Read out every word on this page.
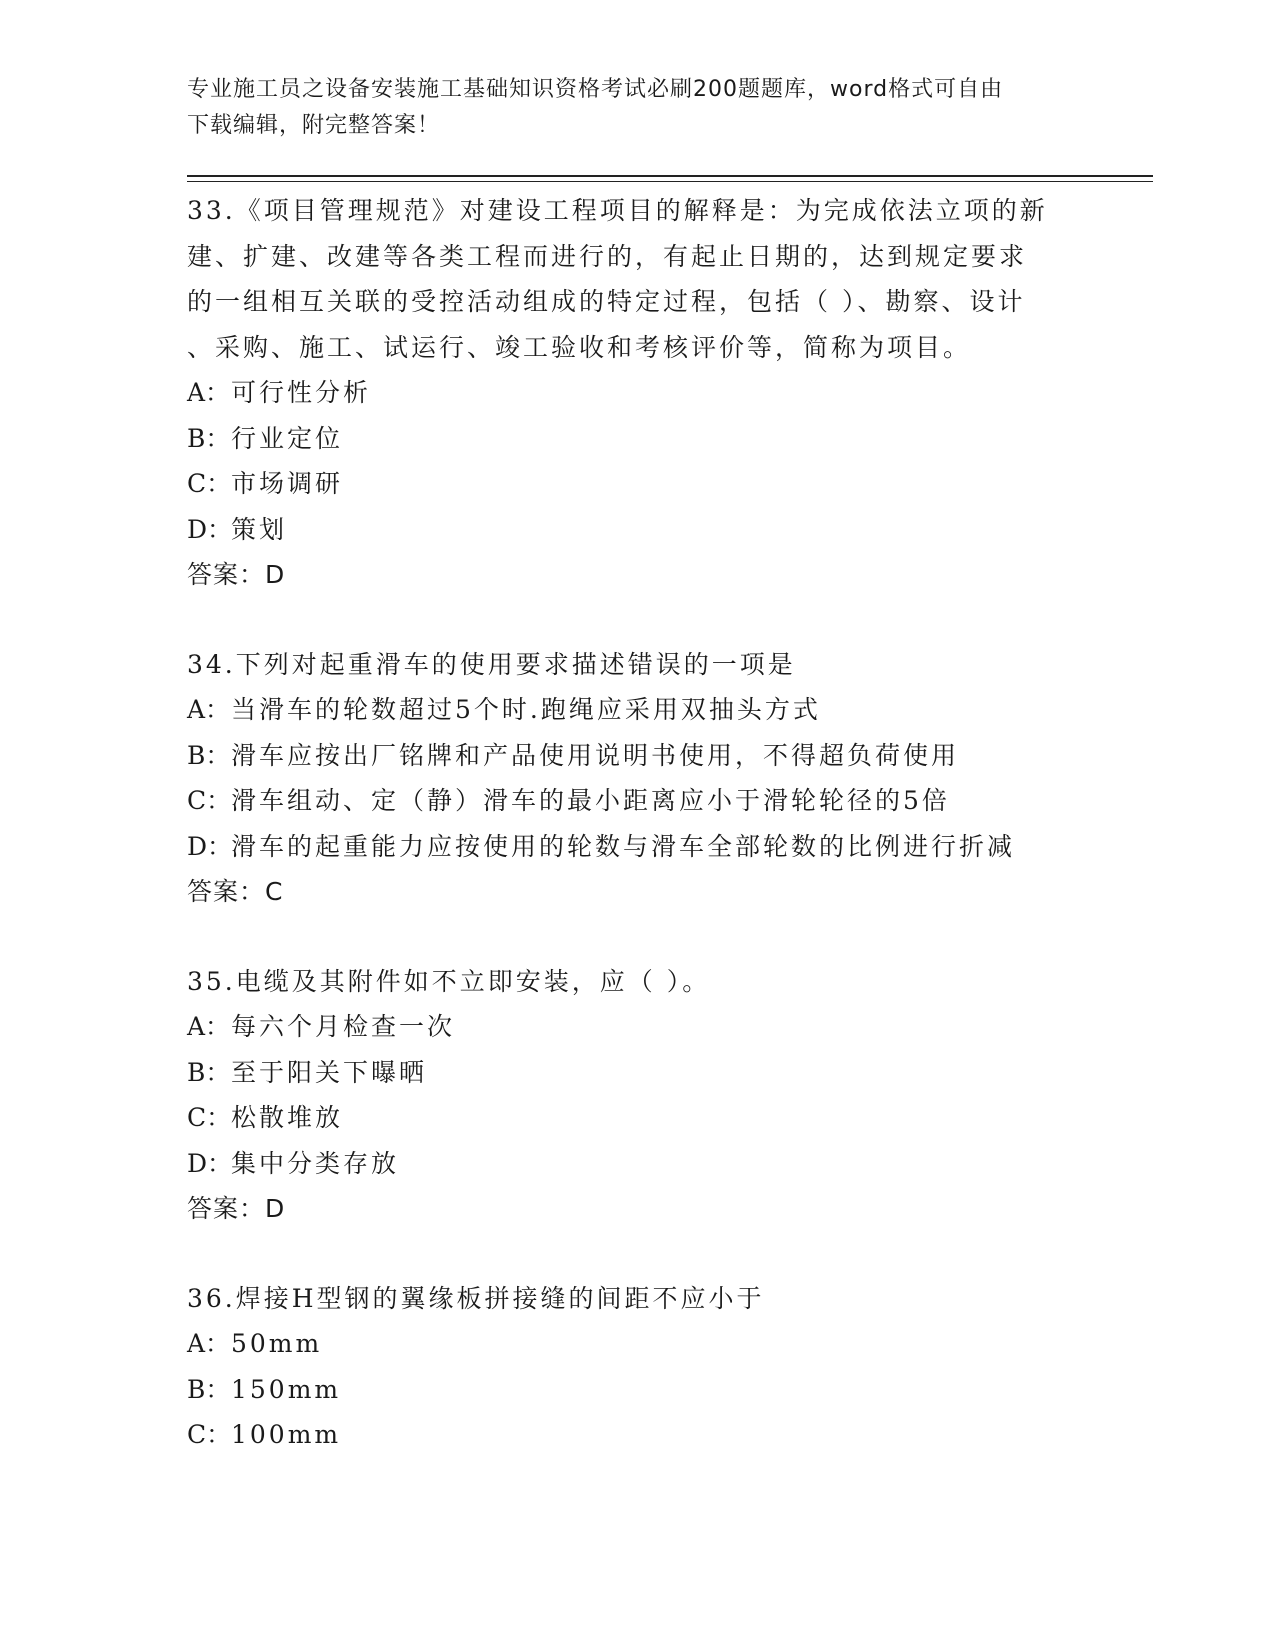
专业施工员之设备安装施工基础知识资格考试必刷200题题库，word格式可自由
下载编辑，附完整答案！

33.《项目管理规范》对建设工程项目的解释是：为完成依法立项的新

建、扩建、改建等各类工程而进行的，有起止日期的，达到规定要求

的一组相互关联的受控活动组成的特定过程，包括（ ）、勘察、设计

、采购、施工、试运行、竣工验收和考核评价等，简称为项目。

A：可行性分析

B：行业定位

C：市场调研

D：策划

答案：D

34.下列对起重滑车的使用要求描述错误的一项是

A：当滑车的轮数超过5个时.跑绳应采用双抽头方式

B：滑车应按出厂铭牌和产品使用说明书使用，不得超负荷使用

C：滑车组动、定（静）滑车的最小距离应小于滑轮轮径的5倍

D：滑车的起重能力应按使用的轮数与滑车全部轮数的比例进行折减

答案：C

35.电缆及其附件如不立即安装，应（ ）。

A：每六个月检查一次

B：至于阳关下曝晒

C：松散堆放

D：集中分类存放

答案：D

36.焊接H型钢的翼缘板拼接缝的间距不应小于

A：50mm

B：150mm

C：100mm
